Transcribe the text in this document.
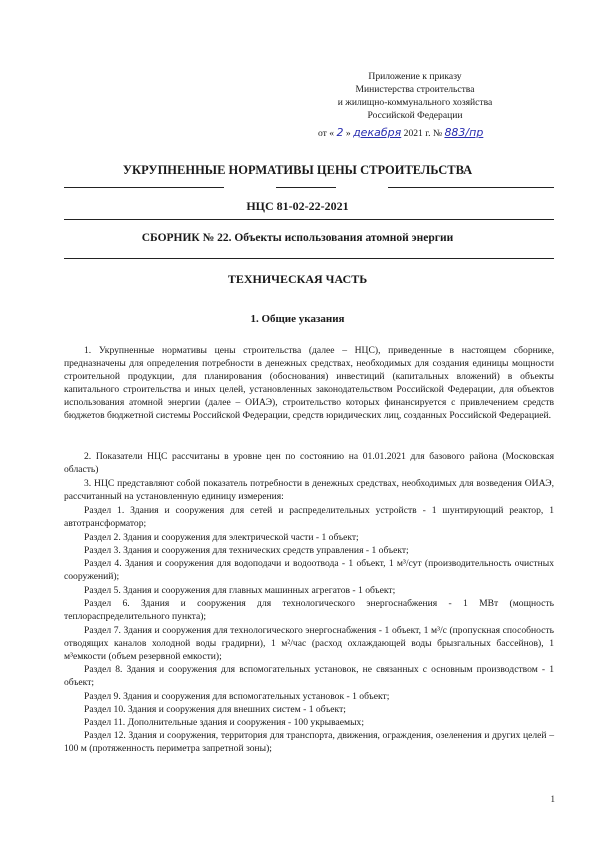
Приложение к приказу
Министерства строительства
и жилищно-коммунального хозяйства
Российской Федерации
от « 2 » декабря 2021 г. № 883/пр
УКРУПНЕННЫЕ НОРМАТИВЫ ЦЕНЫ СТРОИТЕЛЬСТВА
НЦС 81-02-22-2021
СБОРНИК № 22. Объекты использования атомной энергии
ТЕХНИЧЕСКАЯ ЧАСТЬ
1. Общие указания
1. Укрупненные нормативы цены строительства (далее – НЦС), приведенные в настоящем сборнике, предназначены для определения потребности в денежных средствах, необходимых для создания единицы мощности строительной продукции, для планирования (обоснования) инвестиций (капитальных вложений) в объекты капитального строительства и иных целей, установленных законодательством Российской Федерации, для объектов использования атомной энергии (далее – ОИАЭ), строительство которых финансируется с привлечением средств бюджетов бюджетной системы Российской Федерации, средств юридических лиц, созданных Российской Федерацией.
2. Показатели НЦС рассчитаны в уровне цен по состоянию на 01.01.2021 для базового района (Московская область)
3. НЦС представляют собой показатель потребности в денежных средствах, необходимых для возведения ОИАЭ, рассчитанный на установленную единицу измерения:
Раздел 1. Здания и сооружения для сетей и распределительных устройств - 1 шунтирующий реактор, 1 автотрансформатор;
Раздел 2. Здания и сооружения для электрической части - 1 объект;
Раздел 3. Здания и сооружения для технических средств управления - 1 объект;
Раздел 4. Здания и сооружения для водоподачи и водоотвода - 1 объект, 1 м³/сут (производительность очистных сооружений);
Раздел 5. Здания и сооружения для главных машинных агрегатов - 1 объект;
Раздел 6. Здания и сооружения для технологического энергоснабжения - 1 МВт (мощность теплораспределительного пункта);
Раздел 7. Здания и сооружения для технологического энергоснабжения - 1 объект, 1 м³/с (пропускная способность отводящих каналов холодной воды градирни), 1 м²/час (расход охлаждающей воды брызгальных бассейнов), 1 м³емкости (объем резервной емкости);
Раздел 8. Здания и сооружения для вспомогательных установок, не связанных с основным производством - 1 объект;
Раздел 9. Здания и сооружения для вспомогательных установок - 1 объект;
Раздел 10. Здания и сооружения для внешних систем - 1 объект;
Раздел 11. Дополнительные здания и сооружения - 100 укрываемых;
Раздел 12. Здания и сооружения, территория для транспорта, движения, ограждения, озеленения и других целей – 100 м (протяженность периметра запретной зоны);
1
